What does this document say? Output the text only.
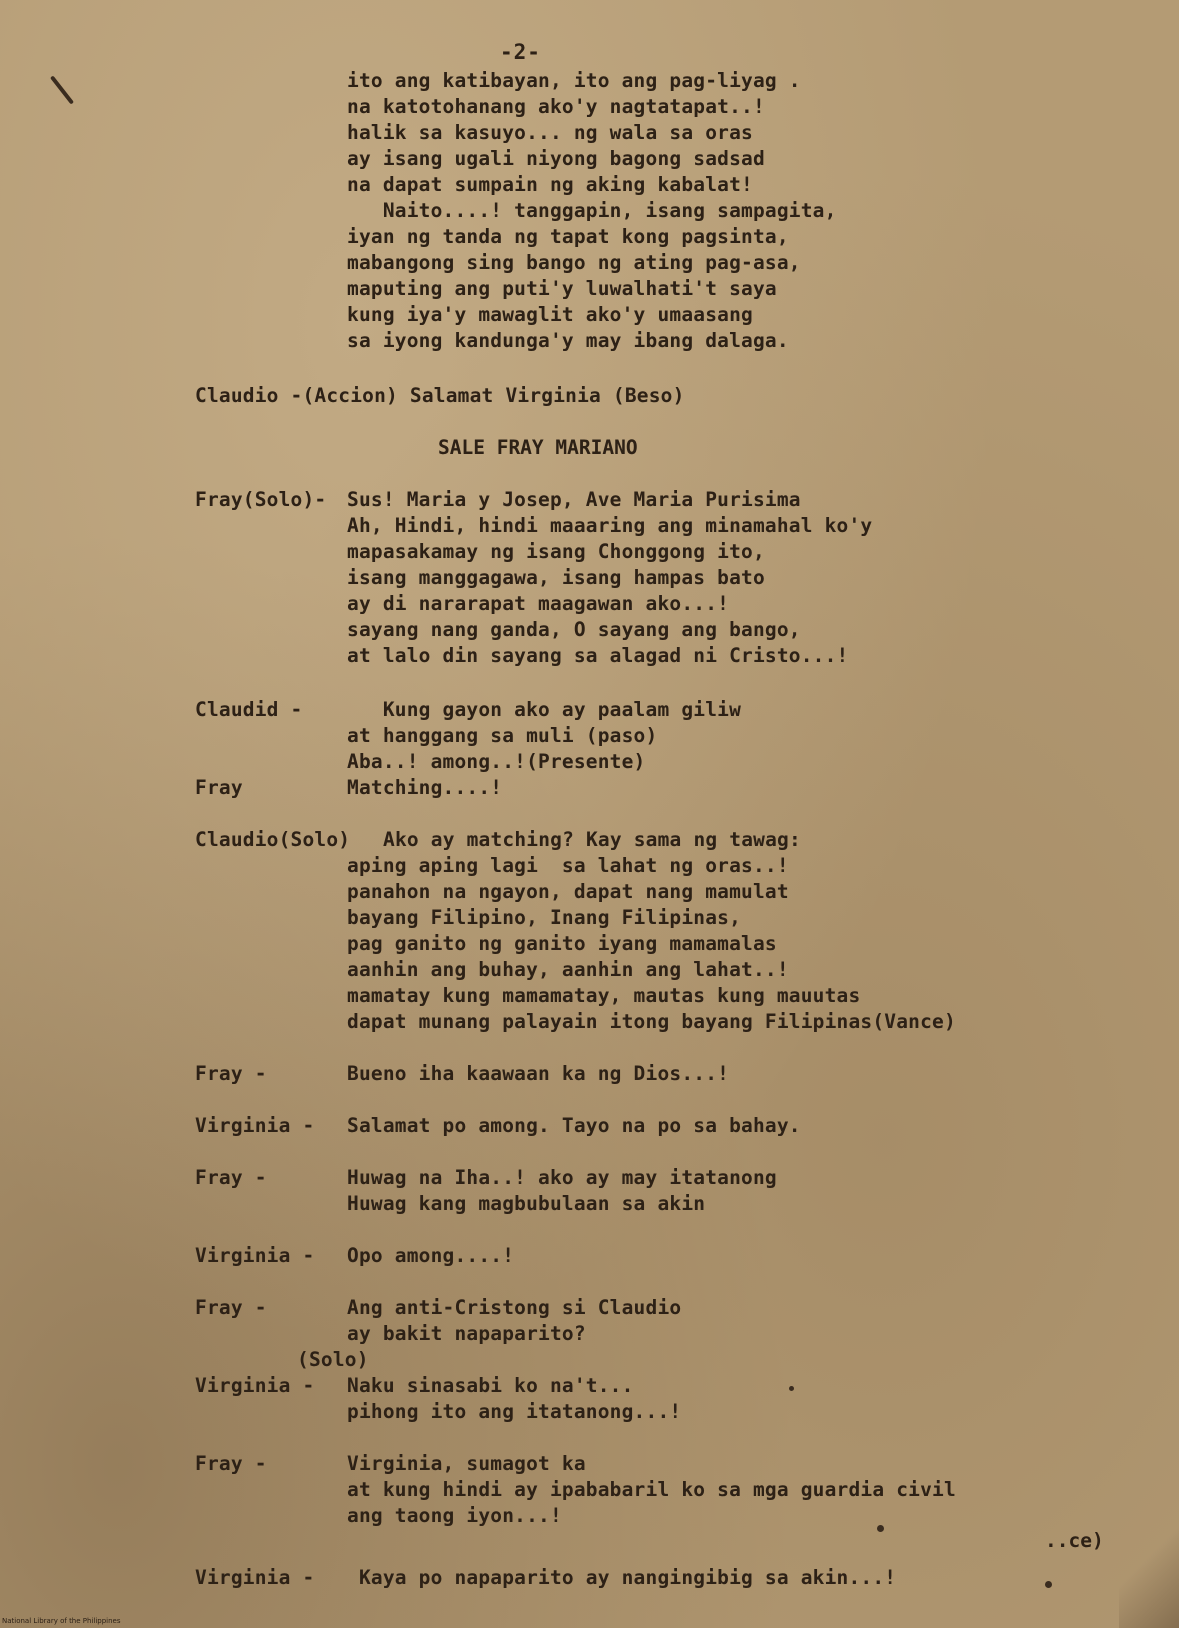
-2-
ito ang katibayan, ito ang pag-liyag .
na katotohanang ako'y nagtatapat..!
halik sa kasuyo... ng wala sa oras
ay isang ugali niyong bagong sadsad
na dapat sumpain ng aking kabalat!
Naito....! tanggapin, isang sampagita,
iyan ng tanda ng tapat kong pagsinta,
mabangong sing bango ng ating pag-asa,
maputing ang puti'y luwalhati't saya
kung iya'y mawaglit ako'y umaasang
sa iyong kandunga'y may ibang dalaga.
Claudio -(Accion) Salamat Virginia (Beso)
SALE FRAY MARIANO
Fray(Solo)- Sus! Maria y Josep, Ave Maria Purisima
Ah, Hindi, hindi maaaring ang minamahal ko'y
mapasakamay ng isang Chonggong ito,
isang manggagawa, isang hampas bato
ay di nararapat maagawan ako...!
sayang nang ganda, O sayang ang bango,
at lalo din sayang sa alagad ni Cristo...!
Claudid - Kung gayon ako ay paalam giliw
at hanggang sa muli (paso)
Aba..! among..!(Presente)
Fray	Matching....!
Claudio(Solo) Ako ay matching? Kay sama ng tawag:
aping aping lagi  sa lahat ng oras..!
panahon na ngayon, dapat nang mamulat
bayang Filipino, Inang Filipinas,
pag ganito ng ganito iyang mamamalas
aanhin ang buhay, aanhin ang lahat..!
mamatay kung mamamatay, mautas kung mauutas
dapat munang palayain itong bayang Filipinas(Vance)
Fray -	Bueno iha kaawaan ka ng Dios...!
Virginia - Salamat po among. Tayo na po sa bahay.
Fray -	Huwag na Iha..! ako ay may itatanong
Huwag kang magbubulaan sa akin
Virginia - Opo among....!
Fray -	Ang anti-Cristong si Claudio
ay bakit napaparito?
(Solo)
Virginia - Naku sinasabi ko na't...
pihong ito ang itatanong...!
Fray -	Virginia, sumagot ka
at kung hindi ay ipababaril ko sa mga guardia civil
ang taong iyon...!
..ce)
Virginia - Kaya po napaparito ay nangingibig sa akin...!
National Library of the Philippines
